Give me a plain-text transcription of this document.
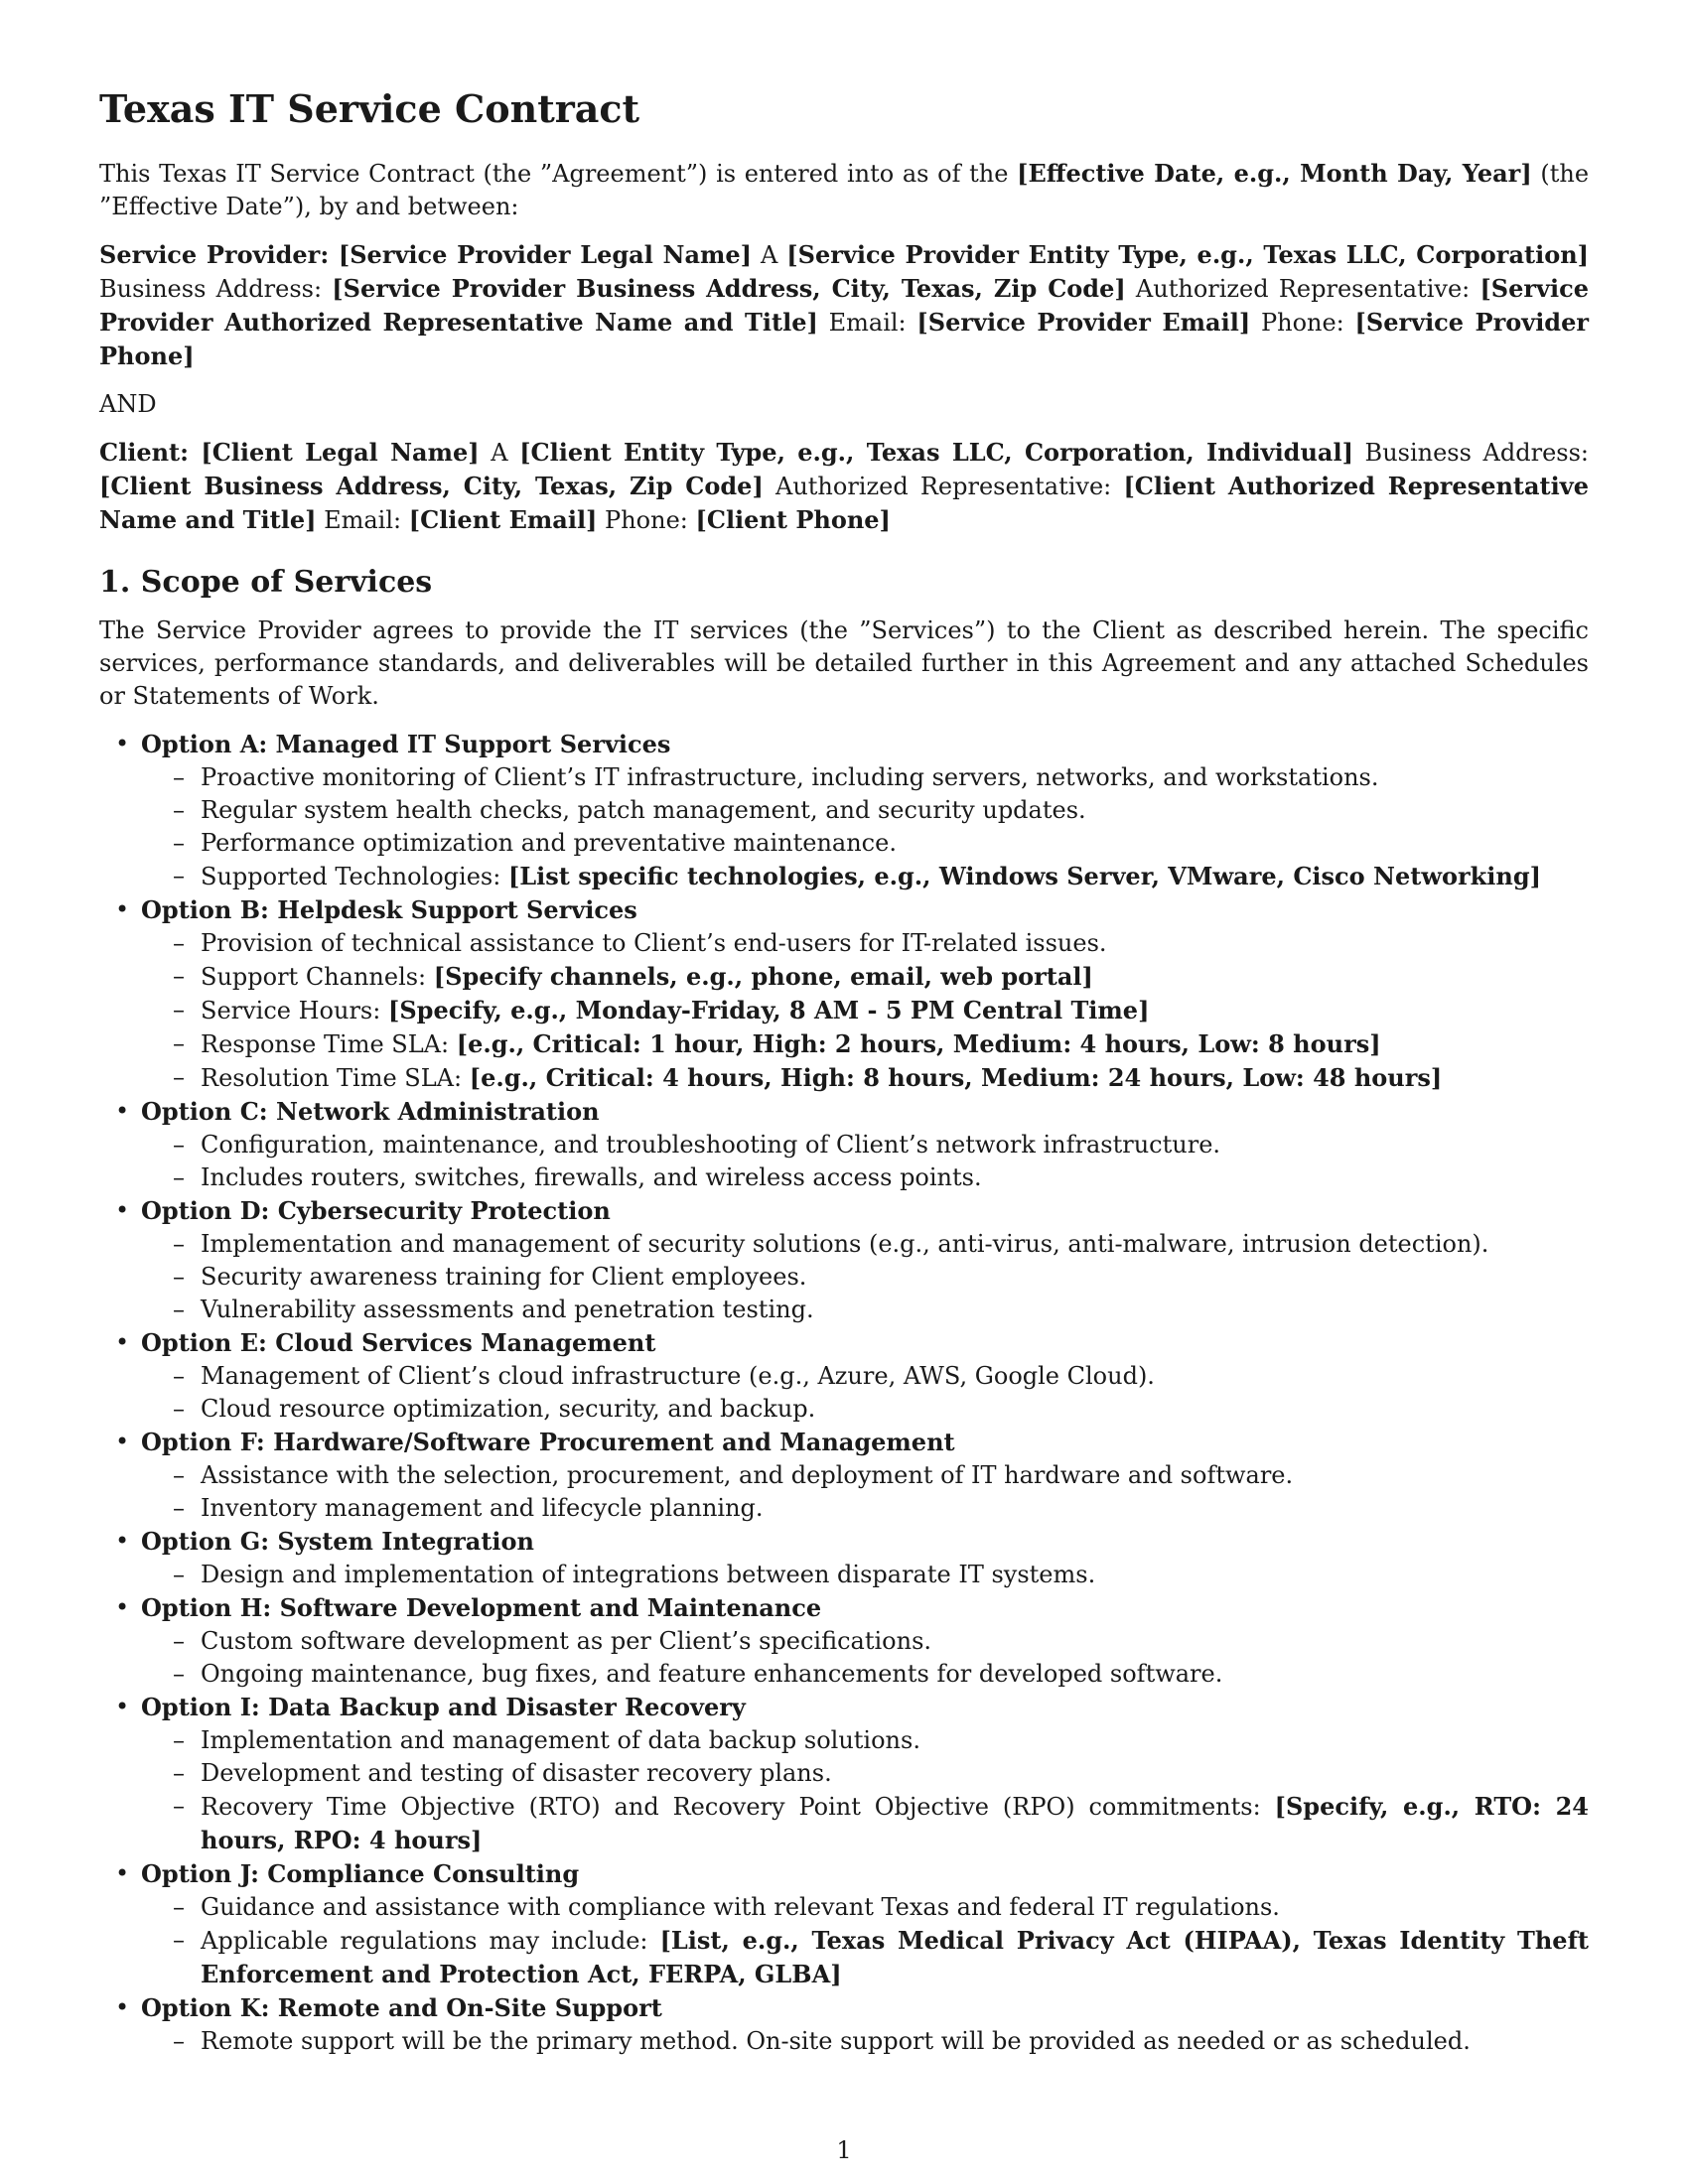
Texas IT Service Contract

This Texas IT Service Contract (the ”Agreement”) is entered into as of the [Effective Date, e.g., Month Day, Year] (the ”Effective Date”), by and between:

Service Provider: [Service Provider Legal Name] A [Service Provider Entity Type, e.g., Texas LLC, Corporation] Business Address: [Service Provider Business Address, City, Texas, Zip Code] Authorized Representative: [Service Provider Authorized Representative Name and Title] Email: [Service Provider Email] Phone: [Service Provider Phone]

AND

Client: [Client Legal Name] A [Client Entity Type, e.g., Texas LLC, Corporation, Individual] Business Address: [Client Business Address, City, Texas, Zip Code] Authorized Representative: [Client Authorized Representative Name and Title] Email: [Client Email] Phone: [Client Phone]

1. Scope of Services

The Service Provider agrees to provide the IT services (the ”Services”) to the Client as described herein. The specific services, performance standards, and deliverables will be detailed further in this Agreement and any attached Schedules or Statements of Work.

• Option A: Managed IT Support Services
– Proactive monitoring of Client’s IT infrastructure, including servers, networks, and workstations.
– Regular system health checks, patch management, and security updates.
– Performance optimization and preventative maintenance.
– Supported Technologies: [List specific technologies, e.g., Windows Server, VMware, Cisco Networking]
• Option B: Helpdesk Support Services
– Provision of technical assistance to Client’s end-users for IT-related issues.
– Support Channels: [Specify channels, e.g., phone, email, web portal]
– Service Hours: [Specify, e.g., Monday-Friday, 8 AM - 5 PM Central Time]
– Response Time SLA: [e.g., Critical: 1 hour, High: 2 hours, Medium: 4 hours, Low: 8 hours]
– Resolution Time SLA: [e.g., Critical: 4 hours, High: 8 hours, Medium: 24 hours, Low: 48 hours]
• Option C: Network Administration
– Configuration, maintenance, and troubleshooting of Client’s network infrastructure.
– Includes routers, switches, firewalls, and wireless access points.
• Option D: Cybersecurity Protection
– Implementation and management of security solutions (e.g., anti-virus, anti-malware, intrusion detection).
– Security awareness training for Client employees.
– Vulnerability assessments and penetration testing.
• Option E: Cloud Services Management
– Management of Client’s cloud infrastructure (e.g., Azure, AWS, Google Cloud).
– Cloud resource optimization, security, and backup.
• Option F: Hardware/Software Procurement and Management
– Assistance with the selection, procurement, and deployment of IT hardware and software.
– Inventory management and lifecycle planning.
• Option G: System Integration
– Design and implementation of integrations between disparate IT systems.
• Option H: Software Development and Maintenance
– Custom software development as per Client’s specifications.
– Ongoing maintenance, bug fixes, and feature enhancements for developed software.
• Option I: Data Backup and Disaster Recovery
– Implementation and management of data backup solutions.
– Development and testing of disaster recovery plans.
– Recovery Time Objective (RTO) and Recovery Point Objective (RPO) commitments: [Specify, e.g., RTO: 24 hours, RPO: 4 hours]
• Option J: Compliance Consulting
– Guidance and assistance with compliance with relevant Texas and federal IT regulations.
– Applicable regulations may include: [List, e.g., Texas Medical Privacy Act (HIPAA), Texas Identity Theft Enforcement and Protection Act, FERPA, GLBA]
• Option K: Remote and On-Site Support
– Remote support will be the primary method. On-site support will be provided as needed or as scheduled.
1
